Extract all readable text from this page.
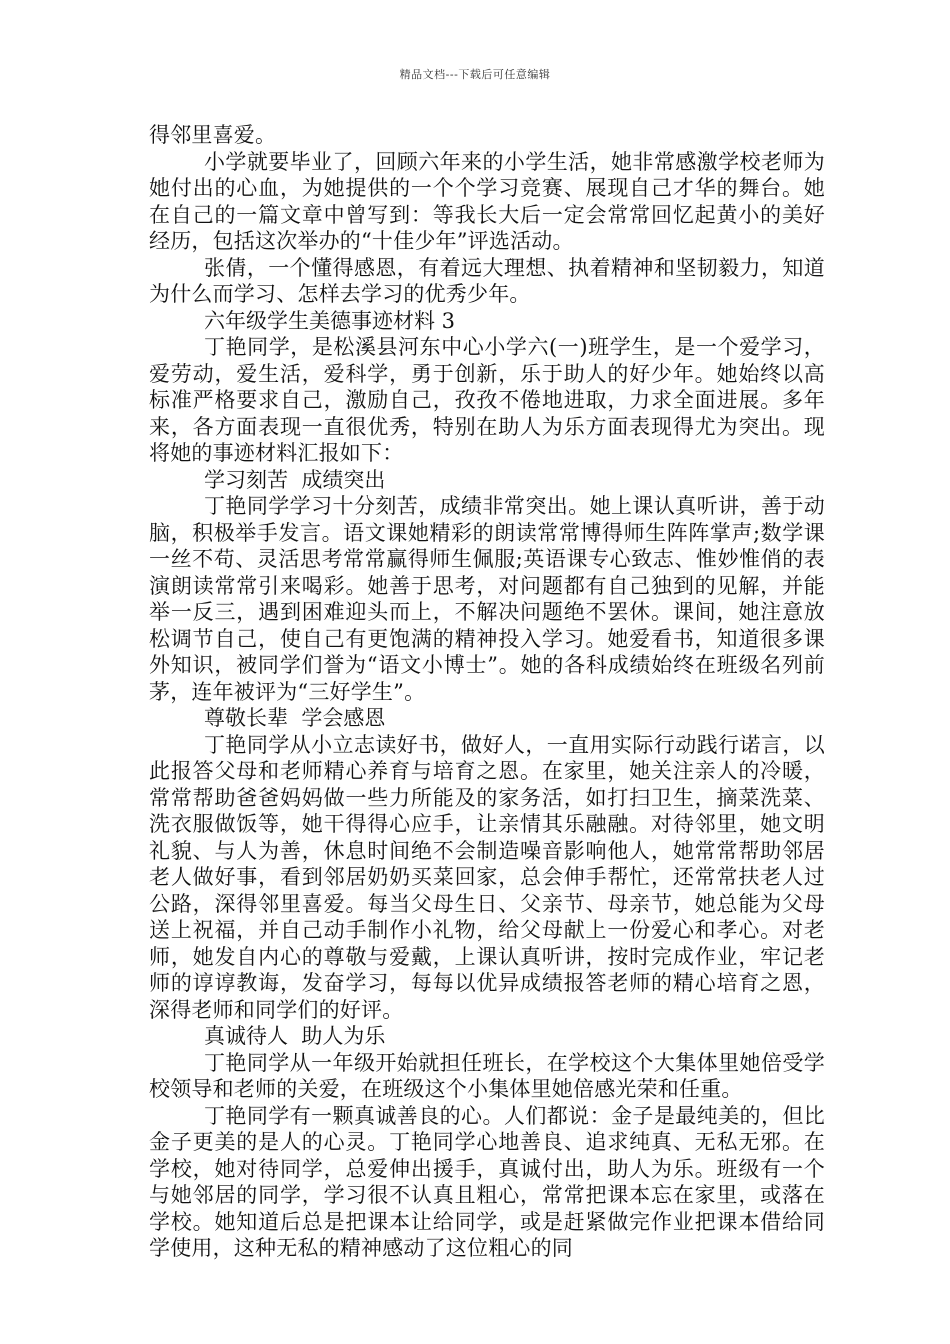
精品文档---下载后可任意编辑

得邻里喜爱。

小学就要毕业了，回顾六年来的小学生活，她非常感激学校老师为她付出的心血，为她提供的一个个学习竞赛、展现自己才华的舞台。她在自己的一篇文章中曾写到：等我长大后一定会常常回忆起黄小的美好经历，包括这次举办的“十佳少年”评选活动。

张倩，一个懂得感恩，有着远大理想、执着精神和坚韧毅力，知道为什么而学习、怎样去学习的优秀少年。

六年级学生美德事迹材料 3

丁艳同学，是松溪县河东中心小学六(一)班学生，是一个爱学习，爱劳动，爱生活，爱科学，勇于创新，乐于助人的好少年。她始终以高标准严格要求自己，激励自己，孜孜不倦地进取，力求全面进展。多年来，各方面表现一直很优秀，特别在助人为乐方面表现得尤为突出。现将她的事迹材料汇报如下：

学习刻苦  成绩突出

丁艳同学学习十分刻苦，成绩非常突出。她上课认真听讲，善于动脑，积极举手发言。语文课她精彩的朗读常常博得师生阵阵掌声;数学课一丝不苟、灵活思考常常赢得师生佩服;英语课专心致志、惟妙惟俏的表演朗读常常引来喝彩。她善于思考，对问题都有自己独到的见解，并能举一反三，遇到困难迎头而上，不解决问题绝不罢休。课间，她注意放松调节自己，使自己有更饱满的精神投入学习。她爱看书，知道很多课外知识，被同学们誉为“语文小博士”。她的各科成绩始终在班级名列前茅，连年被评为“三好学生”。

尊敬长辈  学会感恩

丁艳同学从小立志读好书，做好人，一直用实际行动践行诺言，以此报答父母和老师精心养育与培育之恩。在家里，她关注亲人的冷暖，常常帮助爸爸妈妈做一些力所能及的家务活，如打扫卫生，摘菜洗菜、洗衣服做饭等，她干得得心应手，让亲情其乐融融。对待邻里，她文明礼貌、与人为善，休息时间绝不会制造噪音影响他人，她常常帮助邻居老人做好事，看到邻居奶奶买菜回家，总会伸手帮忙，还常常扶老人过公路，深得邻里喜爱。每当父母生日、父亲节、母亲节，她总能为父母送上祝福，并自己动手制作小礼物，给父母献上一份爱心和孝心。对老师，她发自内心的尊敬与爱戴，上课认真听讲，按时完成作业，牢记老师的谆谆教诲，发奋学习，每每以优异成绩报答老师的精心培育之恩，深得老师和同学们的好评。

真诚待人  助人为乐

丁艳同学从一年级开始就担任班长，在学校这个大集体里她倍受学校领导和老师的关爱，在班级这个小集体里她倍感光荣和任重。

丁艳同学有一颗真诚善良的心。人们都说：金子是最纯美的，但比金子更美的是人的心灵。丁艳同学心地善良、追求纯真、无私无邪。在学校，她对待同学，总爱伸出援手，真诚付出，助人为乐。班级有一个与她邻居的同学，学习很不认真且粗心，常常把课本忘在家里，或落在学校。她知道后总是把课本让给同学，或是赶紧做完作业把课本借给同学使用，这种无私的精神感动了这位粗心的同
